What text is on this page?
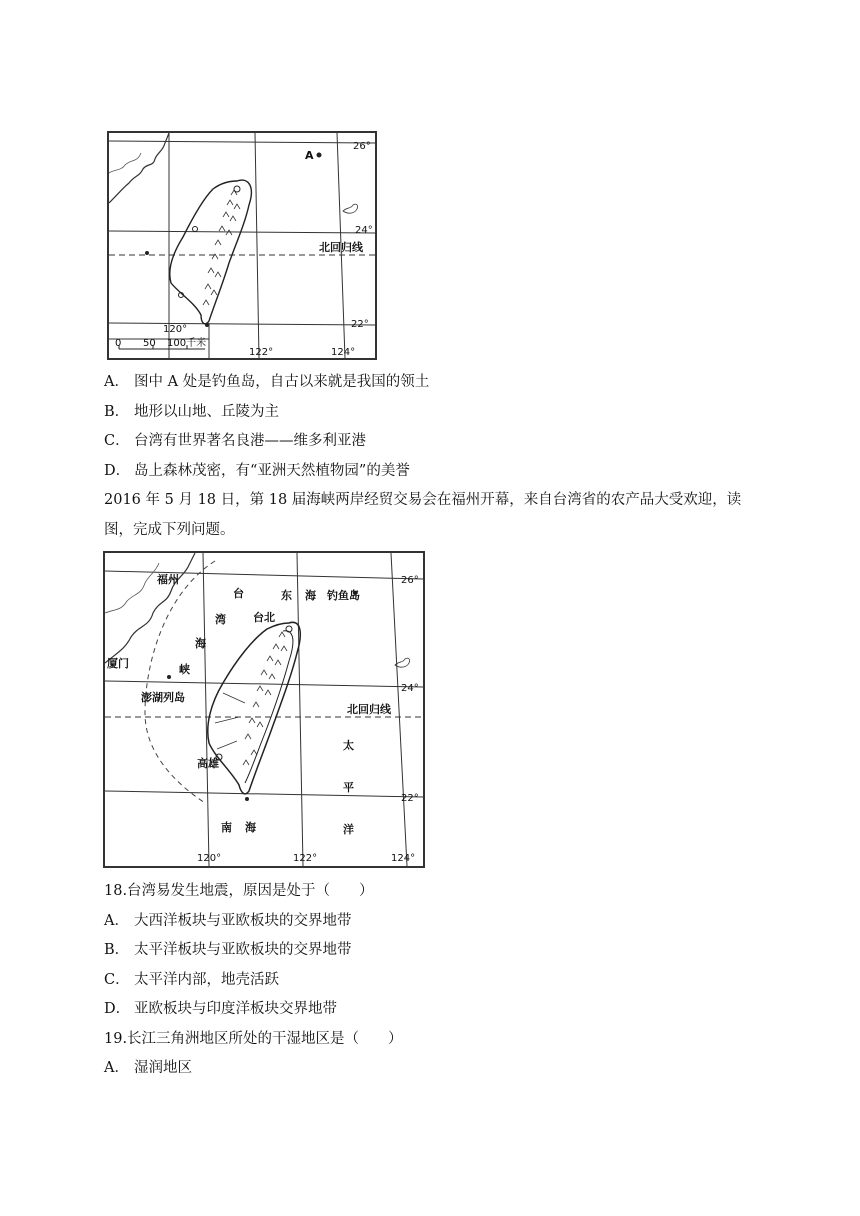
0 50 100千米
A
26°
24°
22°
北回归线
120°
122°	124°
A． 图中 A 处是钓鱼岛，自古以来就是我国的领土
B． 地形以山地、丘陵为主
C． 台湾有世界著名良港——维多利亚港
D． 岛上森林茂密，有“亚洲天然植物园”的美誉
2016 年 5 月 18 日，第 18 届海峡两岸经贸交易会在福州开幕，来自台湾省的农产品大受欢迎，读
图，完成下列问题。
福州
台北
厦门
澎湖列岛
高雄
东 海 钓鱼岛
台
湾
海
峡
太
平
洋
南 海
北回归线
26°
24°
22°
120°	122°	124°
18.台湾易发生地震，原因是处于（　　）
A． 大西洋板块与亚欧板块的交界地带
B． 太平洋板块与亚欧板块的交界地带
C． 太平洋内部，地壳活跃
D． 亚欧板块与印度洋板块交界地带
19.长江三角洲地区所处的干湿地区是（　　）
A． 湿润地区
